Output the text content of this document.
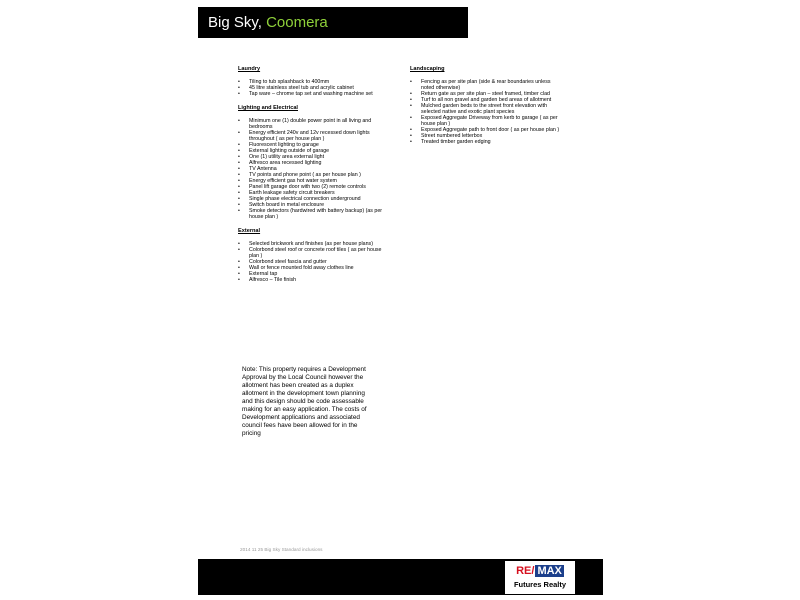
Big Sky, Coomera
Laundry
• Tiling to tub splashback to 400mm
• 45 litre stainless steel tub and acrylic cabinet
• Tap ware – chrome tap set and washing machine set
Lighting and Electrical
• Minimum one (1) double power point in all living and bedrooms
• Energy efficient 240v and 12v recessed down lights throughout ( as per house plan )
• Fluorescent lighting to garage
• External lighting outside of garage
• One (1) utility area external light
• Alfresco area recessed lighting
• TV Antenna
• TV points and phone point ( as per house plan )
• Energy efficient gas hot water system
• Panel lift garage door with two (2) remote controls
• Earth leakage safety circuit breakers
• Single phase electrical connection underground
• Switch board in metal enclosure
• Smoke detectors (hardwired with battery backup) (as per house plan )
External
• Selected brickwork and finishes (as per house plans)
• Colorbond steel roof or concrete roof tiles ( as per house plan )
• Colorbond steel fascia and gutter
• Wall or fence mounted fold away clothes line
• External tap
• Alfresco – Tile finish
Landscaping
• Fencing as per site plan (side & rear boundaries unless noted otherwise)
• Return gate as per site plan – steel framed, timber clad
• Turf to all non gravel and garden bed areas of allotment
• Mulched garden beds to the street front elevation with selected native and exotic plant species
• Exposed Aggregate Driveway from kerb to garage ( as per house plan )
• Exposed Aggregate path to front door ( as per house plan )
• Street numbered letterbox
• Treated timber garden edging
Note: This property requires a Development Approval by the Local Council however the allotment has been created as a duplex allotment in the development town planning and this design should be code assessable making for an easy application. The costs of Development applications and associated council fees have been allowed for in the pricing
2014 11 25 Big Sky Standard inclusions
RE / MAX
Futures Realty
